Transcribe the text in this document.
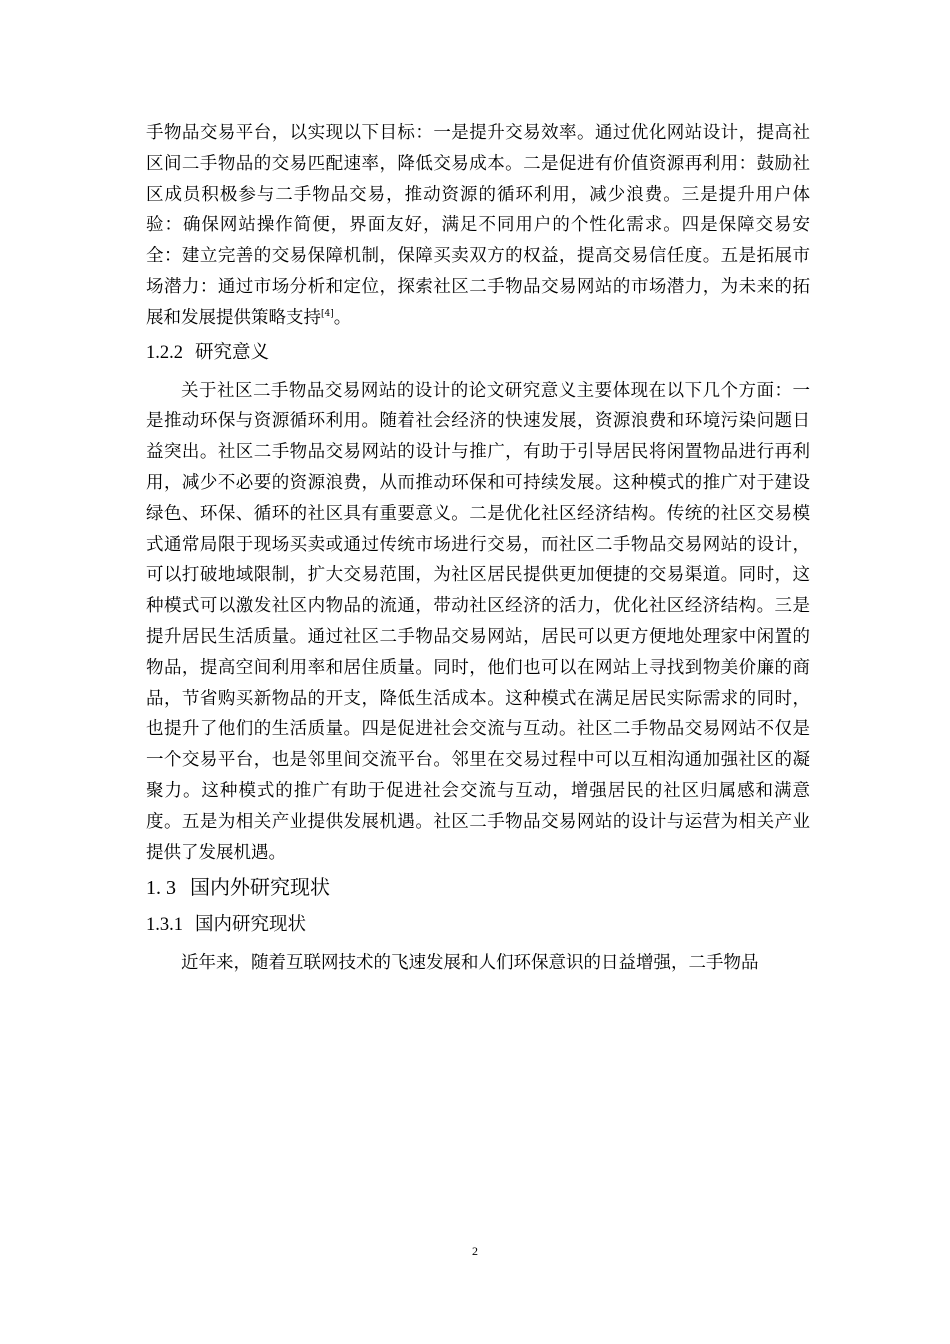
手物品交易平台，以实现以下目标：一是提升交易效率。通过优化网站设计，提高社区间二手物品的交易匹配速率，降低交易成本。二是促进有价值资源再利用：鼓励社区成员积极参与二手物品交易，推动资源的循环利用，减少浪费。三是提升用户体验：确保网站操作简便，界面友好，满足不同用户的个性化需求。四是保障交易安全：建立完善的交易保障机制，保障买卖双方的权益，提高交易信任度。五是拓展市场潜力：通过市场分析和定位，探索社区二手物品交易网站的市场潜力，为未来的拓展和发展提供策略支持[4]。

1.2.2 研究意义

关于社区二手物品交易网站的设计的论文研究意义主要体现在以下几个方面：一是推动环保与资源循环利用。随着社会经济的快速发展，资源浪费和环境污染问题日益突出。社区二手物品交易网站的设计与推广，有助于引导居民将闲置物品进行再利用，减少不必要的资源浪费，从而推动环保和可持续发展。这种模式的推广对于建设绿色、环保、循环的社区具有重要意义。二是优化社区经济结构。传统的社区交易模式通常局限于现场买卖或通过传统市场进行交易，而社区二手物品交易网站的设计，可以打破地域限制，扩大交易范围，为社区居民提供更加便捷的交易渠道。同时，这种模式可以激发社区内物品的流通，带动社区经济的活力，优化社区经济结构。三是提升居民生活质量。通过社区二手物品交易网站，居民可以更方便地处理家中闲置的物品，提高空间利用率和居住质量。同时，他们也可以在网站上寻找到物美价廉的商品，节省购买新物品的开支，降低生活成本。这种模式在满足居民实际需求的同时，也提升了他们的生活质量。四是促进社会交流与互动。社区二手物品交易网站不仅是一个交易平台，也是邻里间交流平台。邻里在交易过程中可以互相沟通加强社区的凝聚力。这种模式的推广有助于促进社会交流与互动，增强居民的社区归属感和满意度。五是为相关产业提供发展机遇。社区二手物品交易网站的设计与运营为相关产业提供了发展机遇。

1. 3 国内外研究现状
1.3.1 国内研究现状

近年来，随着互联网技术的飞速发展和人们环保意识的日益增强，二手物品

2
